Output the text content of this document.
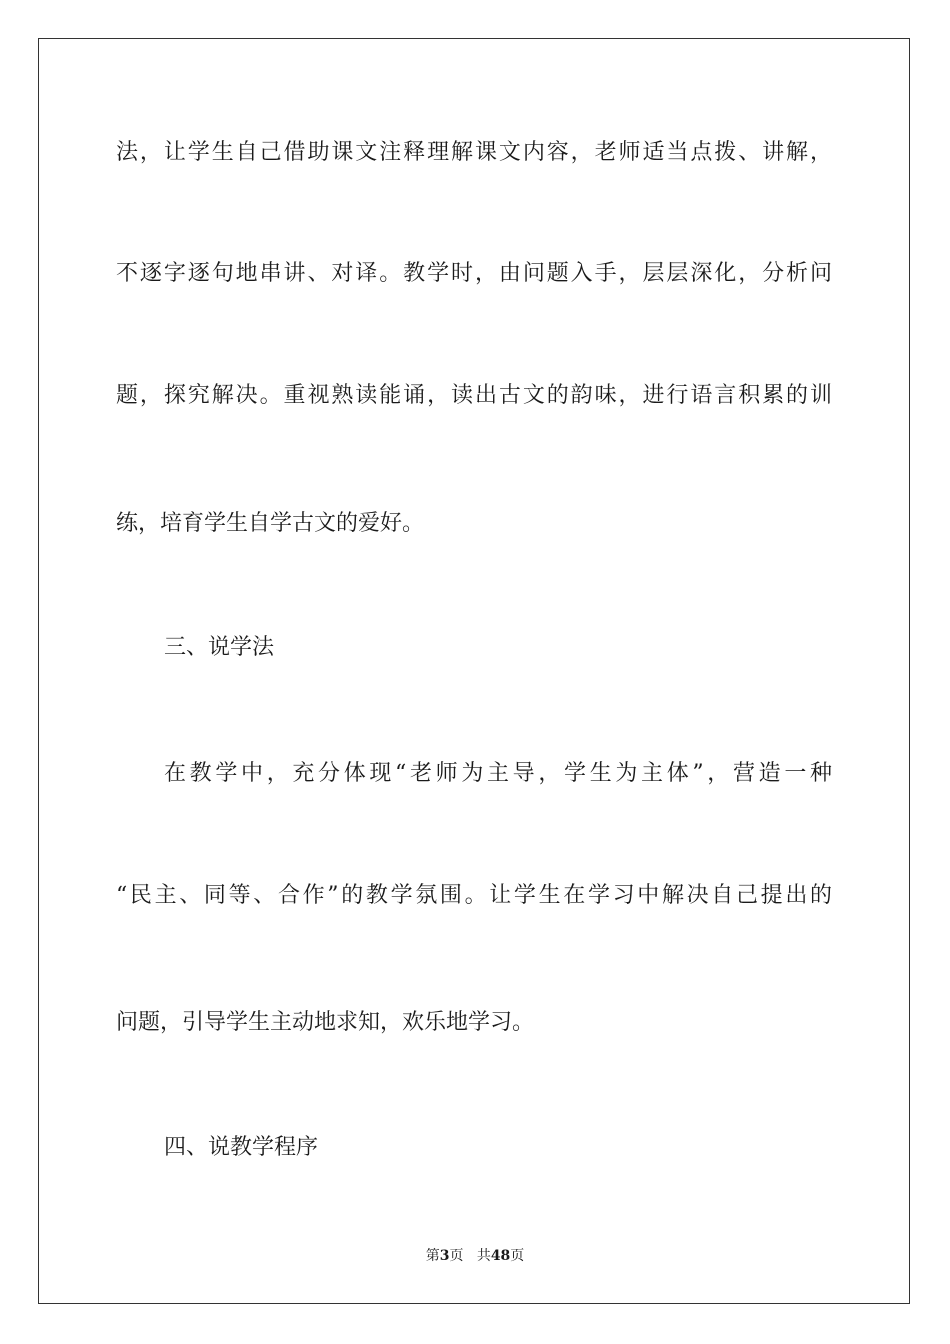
法，让学生自己借助课文注释理解课文内容，老师适当点拨、讲解，
不逐字逐句地串讲、对译。教学时，由问题入手，层层深化，分析问
题，探究解决。重视熟读能诵，读出古文的韵味，进行语言积累的训
练，培育学生自学古文的爱好。
三、说学法
在教学中，充分体现“老师为主导，学生为主体”，营造一种
“民主、同等、合作”的教学氛围。让学生在学习中解决自己提出的
问题，引导学生主动地求知，欢乐地学习。
四、说教学程序
第3页 共48页
